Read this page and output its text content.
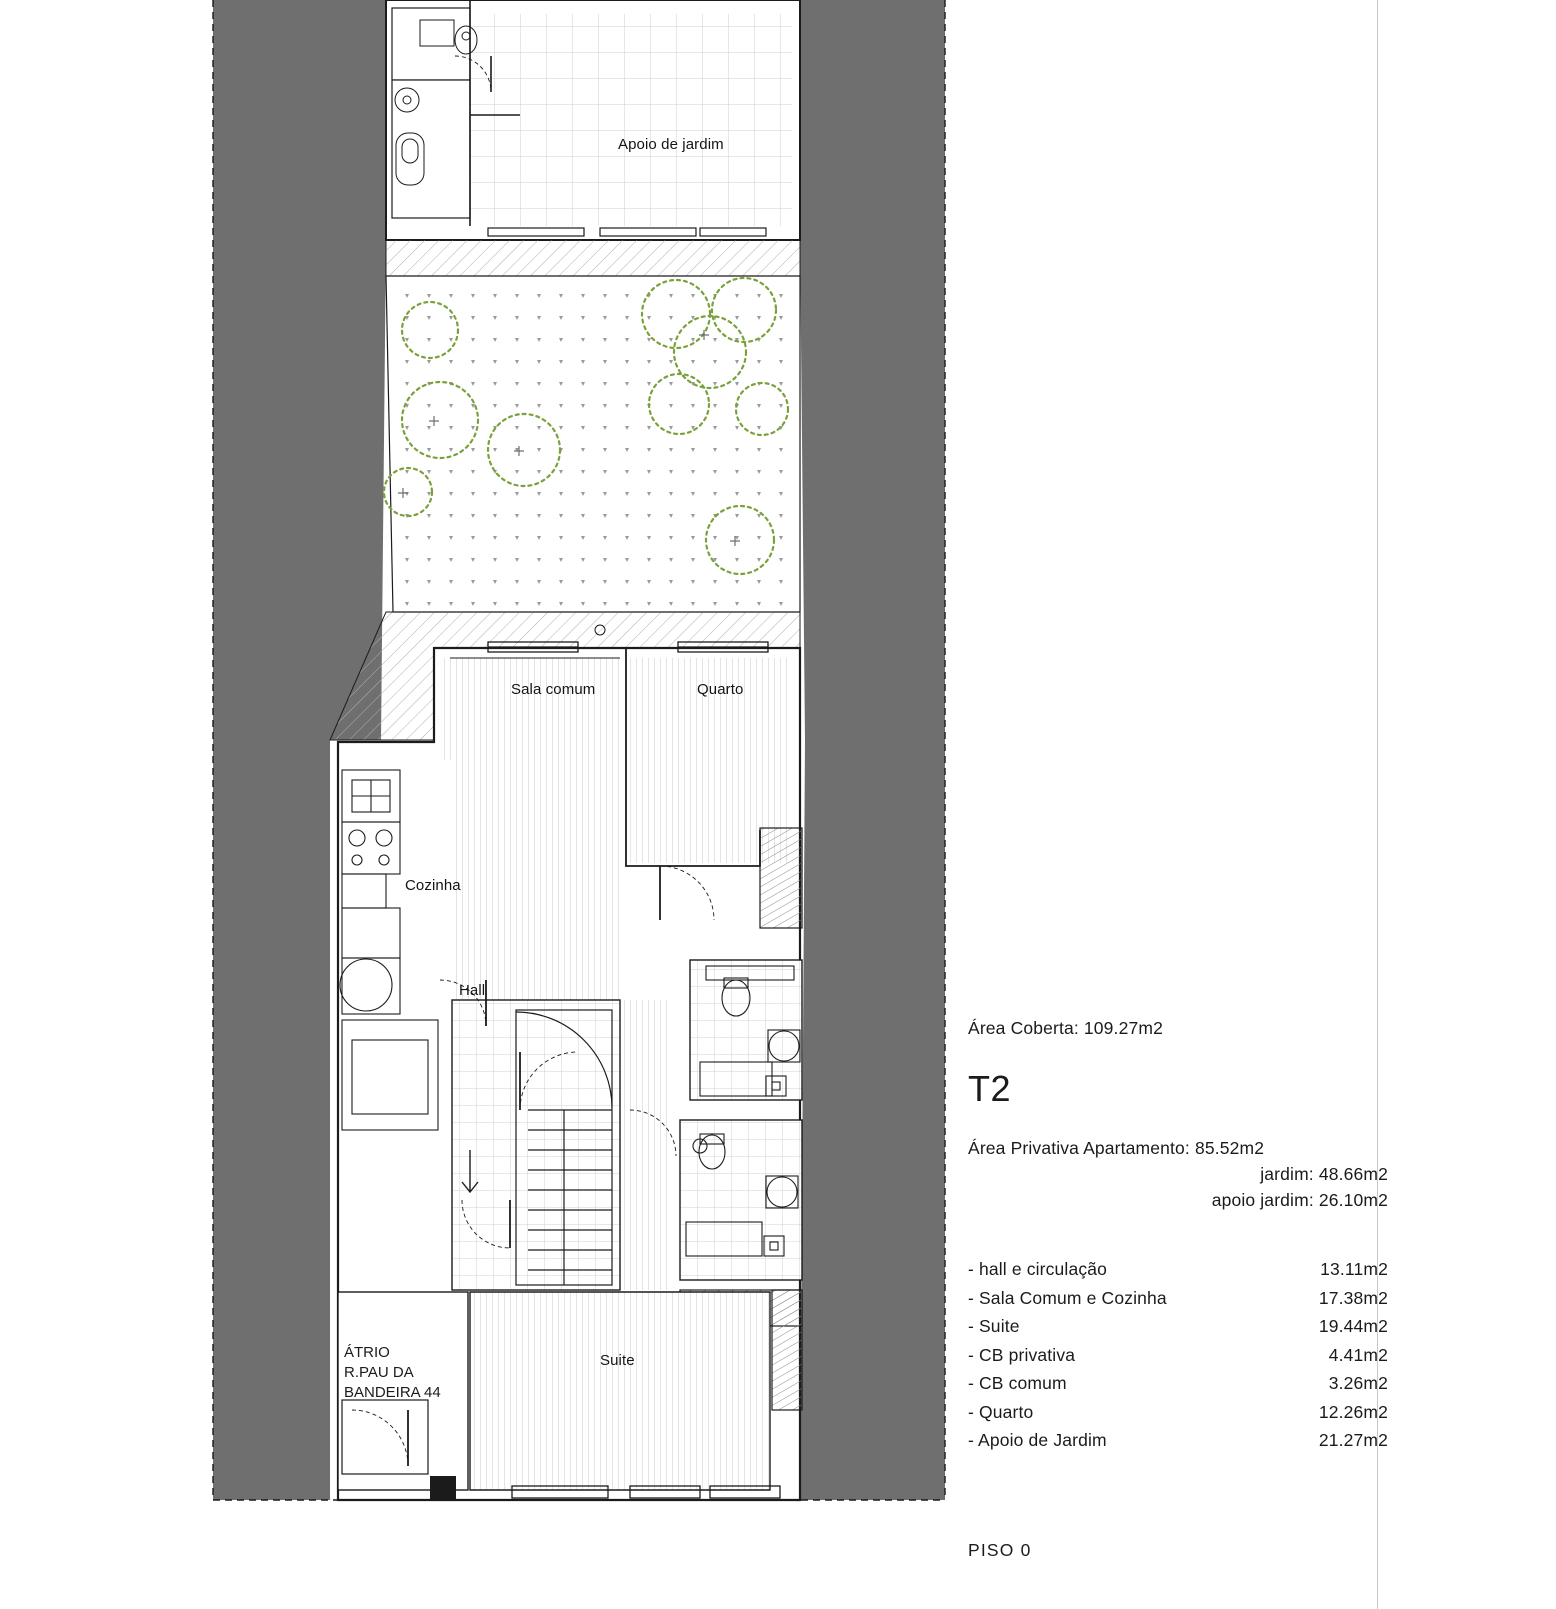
Apoio de jardim
Sala comum	Quarto
Cozinha
Hall
Suite
ÁTRIO
R.PAU DA
BANDEIRA 44
Área Coberta: 109.27m2
T2
Área Privativa Apartamento: 85.52m2
jardim: 48.66m2
apoio jardim: 26.10m2
- hall e circulação	13.11m2
- Sala Comum e Cozinha	17.38m2
- Suite	19.44m2
- CB privativa	4.41m2
- CB comum	3.26m2
- Quarto	12.26m2
- Apoio de Jardim	21.27m2
PISO 0
